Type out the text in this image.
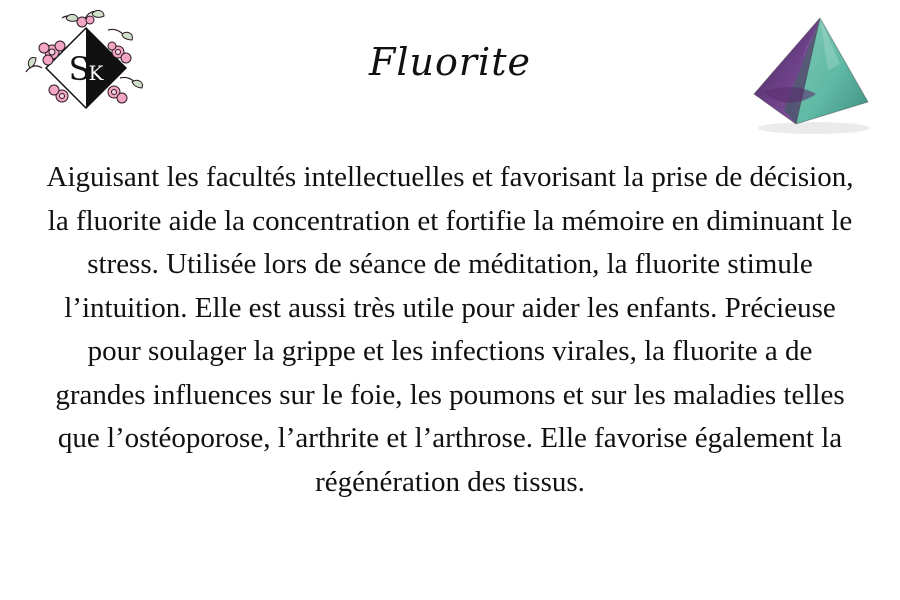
SK	Fluorite

Aiguisant les facultés intellectuelles et favorisant la prise de décision, la fluorite aide la concentration et fortifie la mémoire en diminuant le stress. Utilisée lors de séance de méditation, la fluorite stimule l’intuition. Elle est aussi très utile pour aider les enfants. Précieuse pour soulager la grippe et les infections virales, la fluorite a de grandes influences sur le foie, les poumons et sur les maladies telles que l’ostéoporose, l’arthrite et l’arthrose. Elle favorise également la régénération des tissus.
